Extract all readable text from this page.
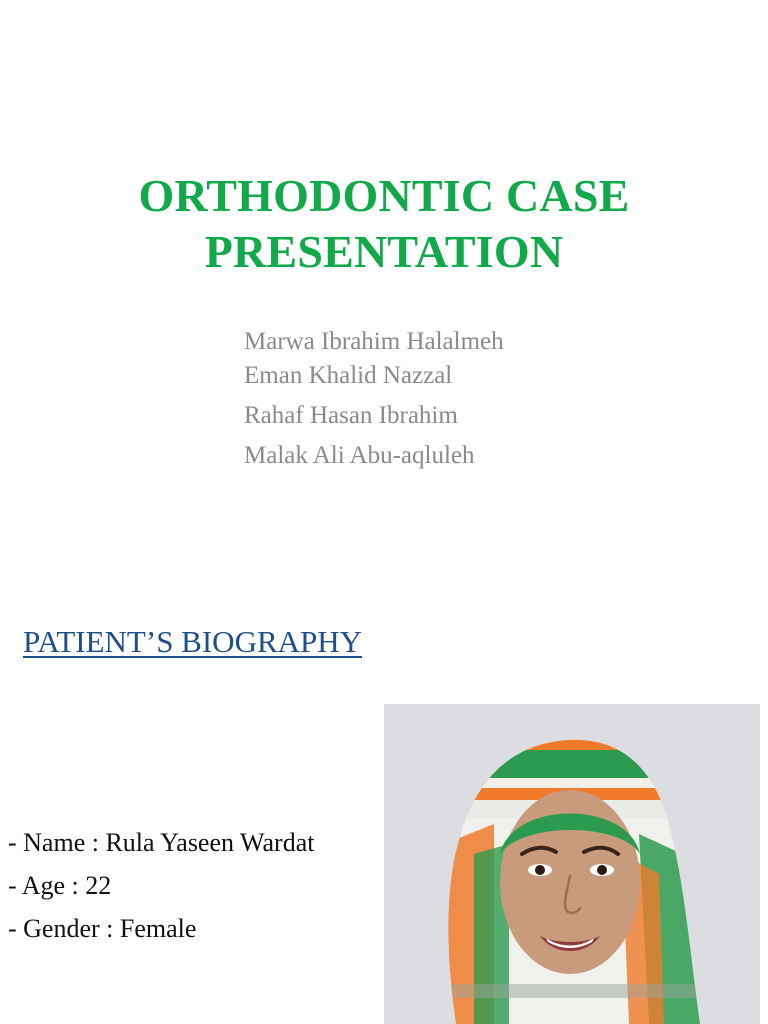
ORTHODONTIC CASE
PRESENTATION
Marwa Ibrahim Halalmeh
Eman Khalid Nazzal
Rahaf Hasan Ibrahim
Malak Ali Abu-aqluleh
PATIENT’S BIOGRAPHY
- Name : Rula Yaseen Wardat
- Age : 22
- Gender : Female
